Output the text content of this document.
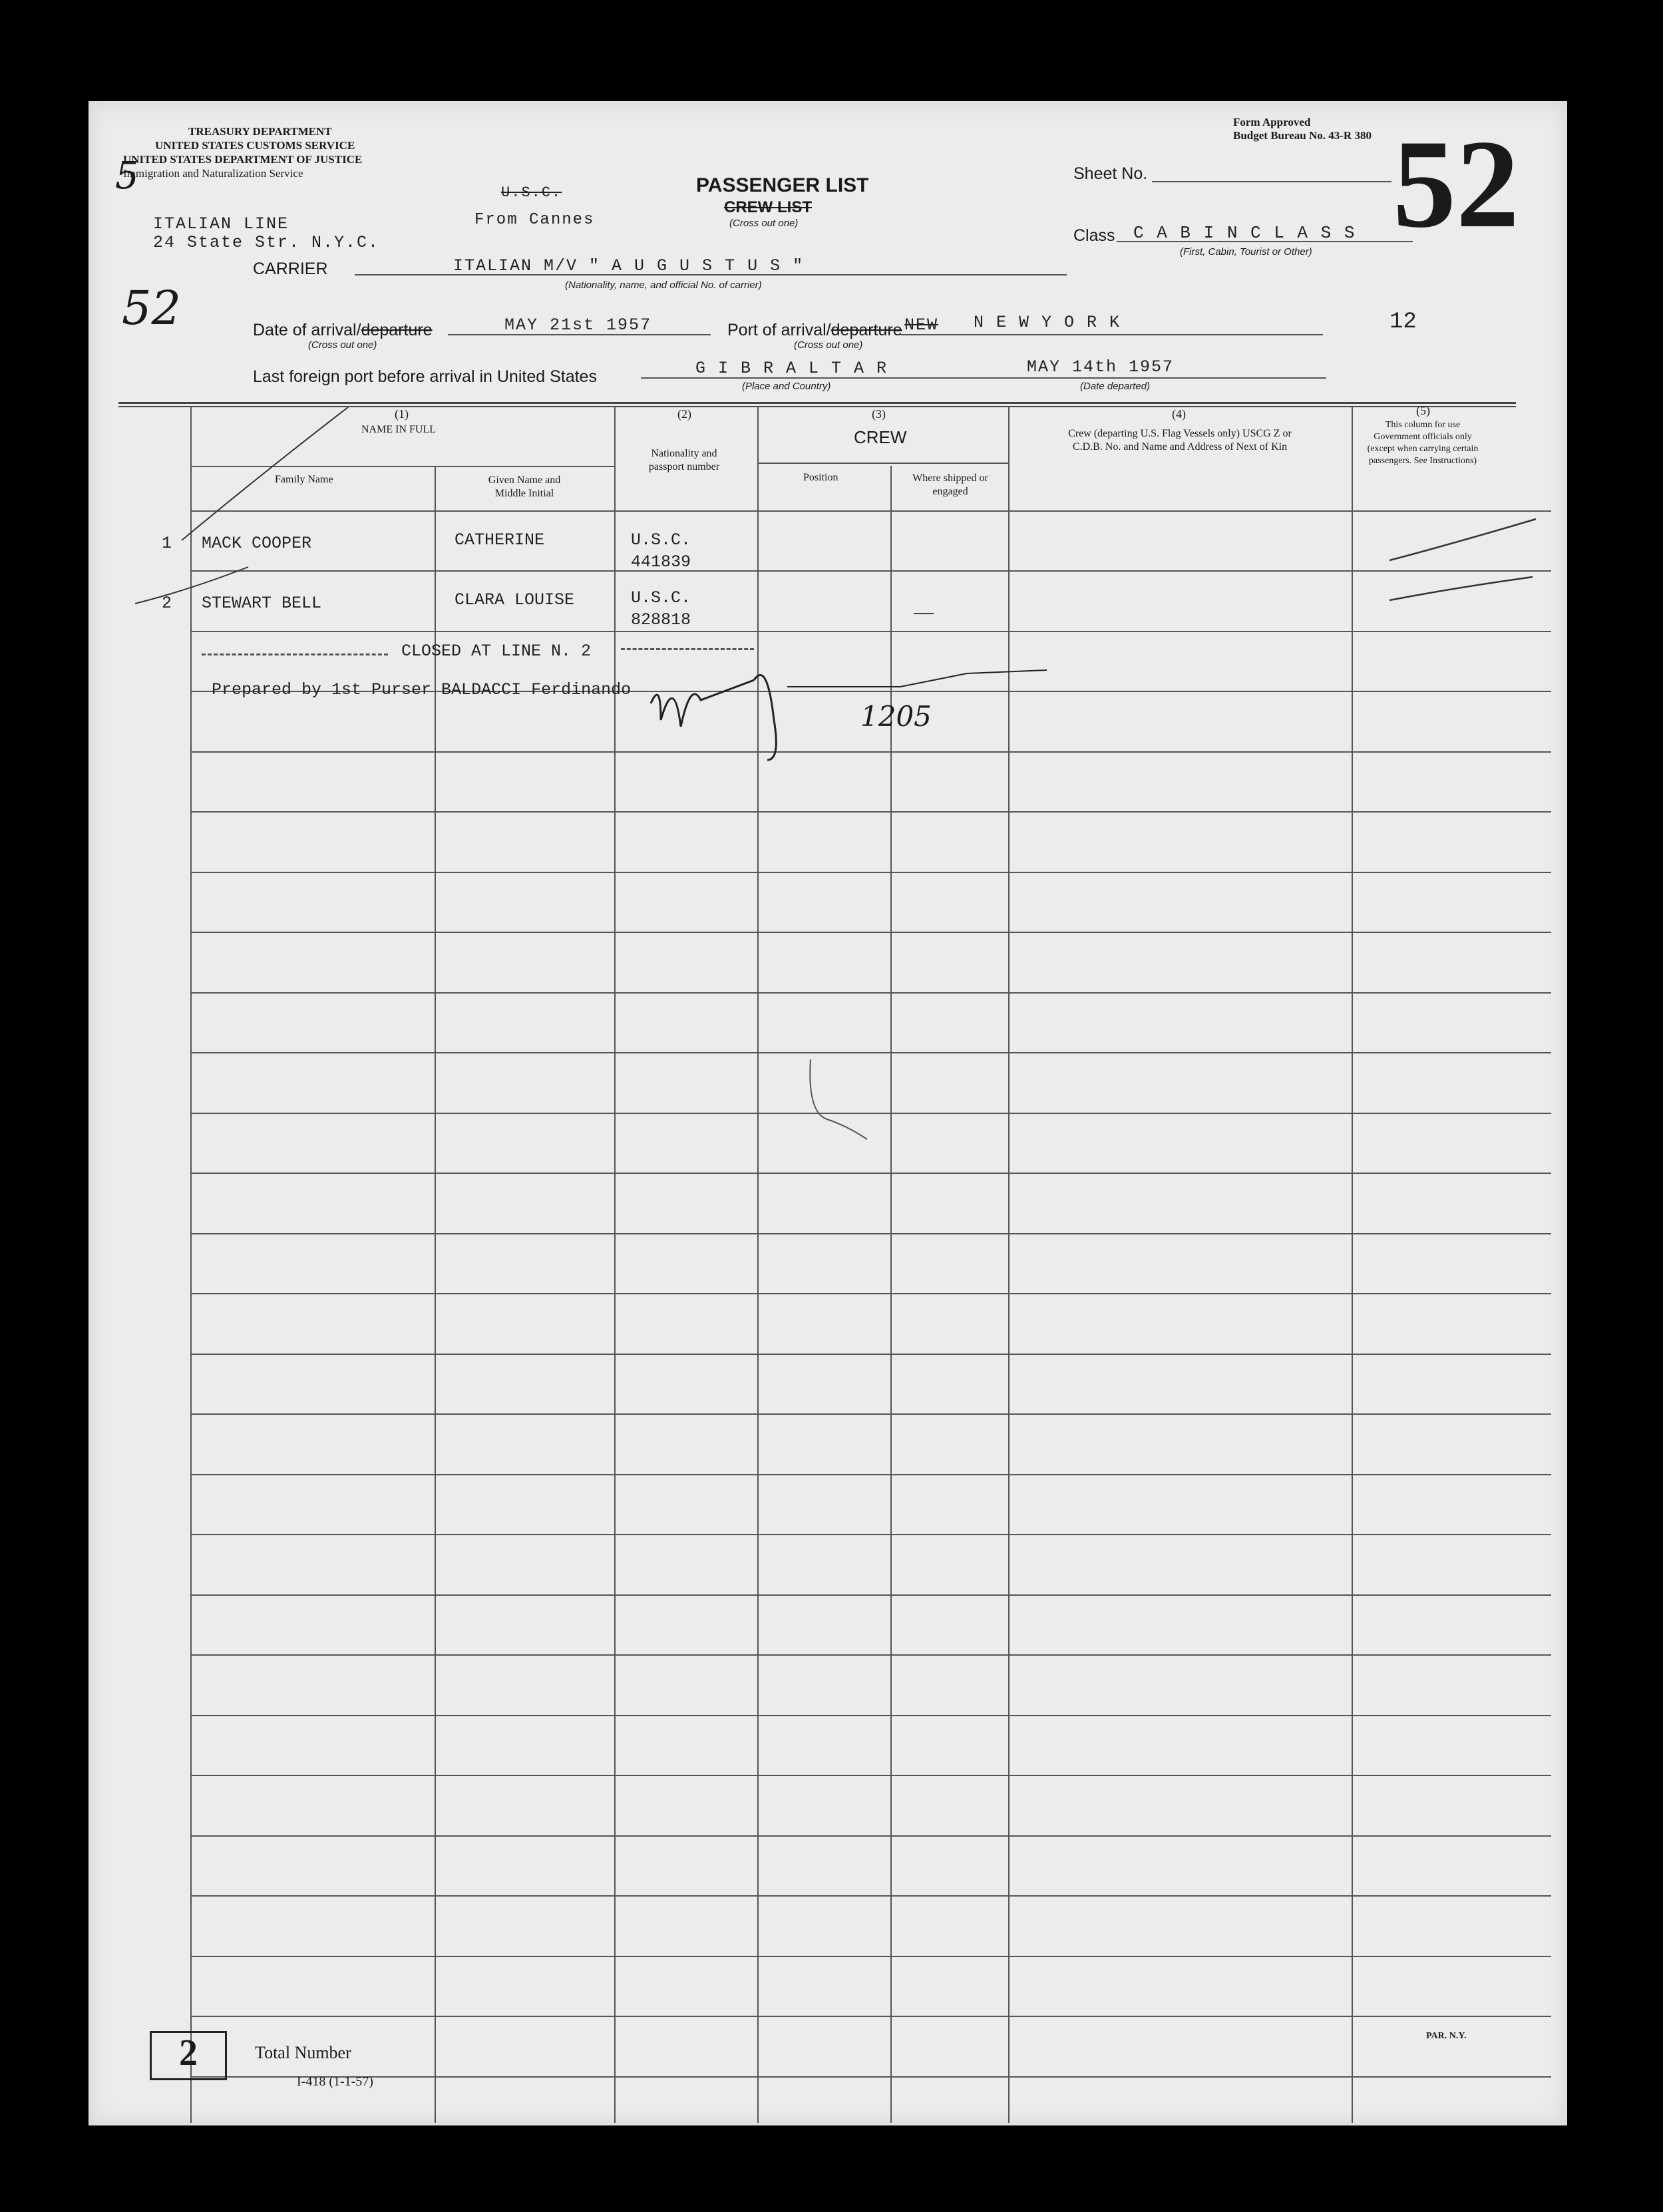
TREASURY DEPARTMENT
UNITED STATES CUSTOMS SERVICE
UNITED STATES DEPARTMENT OF JUSTICE
Immigration and Naturalization Service
5
52
Form Approved
Budget Bureau No. 43-R 380 52
U.S.C.
From Cannes
PASSENGER LIST
CREW LIST
(Cross out one)
ITALIAN LINE
24 State Str. N.Y.C.
Sheet No.
Class C A B I N C L A S S
(First, Cabin, Tourist or Other)
CARRIER	ITALIAN M/V " A U G U S T U S "
(Nationality, name, and official No. of carrier)
Date of arrival/departure	MAY 21st 1957
(Cross out one)
Port of arrival/departure NEW N E W Y O R K
(Cross out one)
12
Last foreign port before arrival in United States	G I B R A L T A R
(Place and Country)
MAY 14th 1957
(Date departed)
(1)
NAME IN FULL
Family Name	Given Name and Middle Initial
(2)
Nationality and passport number
(3)
CREW
Position	Where shipped or engaged
(4)
Crew (departing U.S. Flag Vessels only) USCG Z or C.D.B. No. and Name and Address of Next of Kin
(5)
This column for use Government officials only (except when carrying certain passengers. See Instructions)
1 MACK COOPER	CATHERINE	U.S.C.
441839
2 STEWART BELL	CLARA LOUISE	U.S.C.
828818
CLOSED AT LINE N. 2
Prepared by 1st Purser BALDACCI Ferdinando
1205
2	Total Number
I-418 (1-1-57)
PAR. N.Y.
